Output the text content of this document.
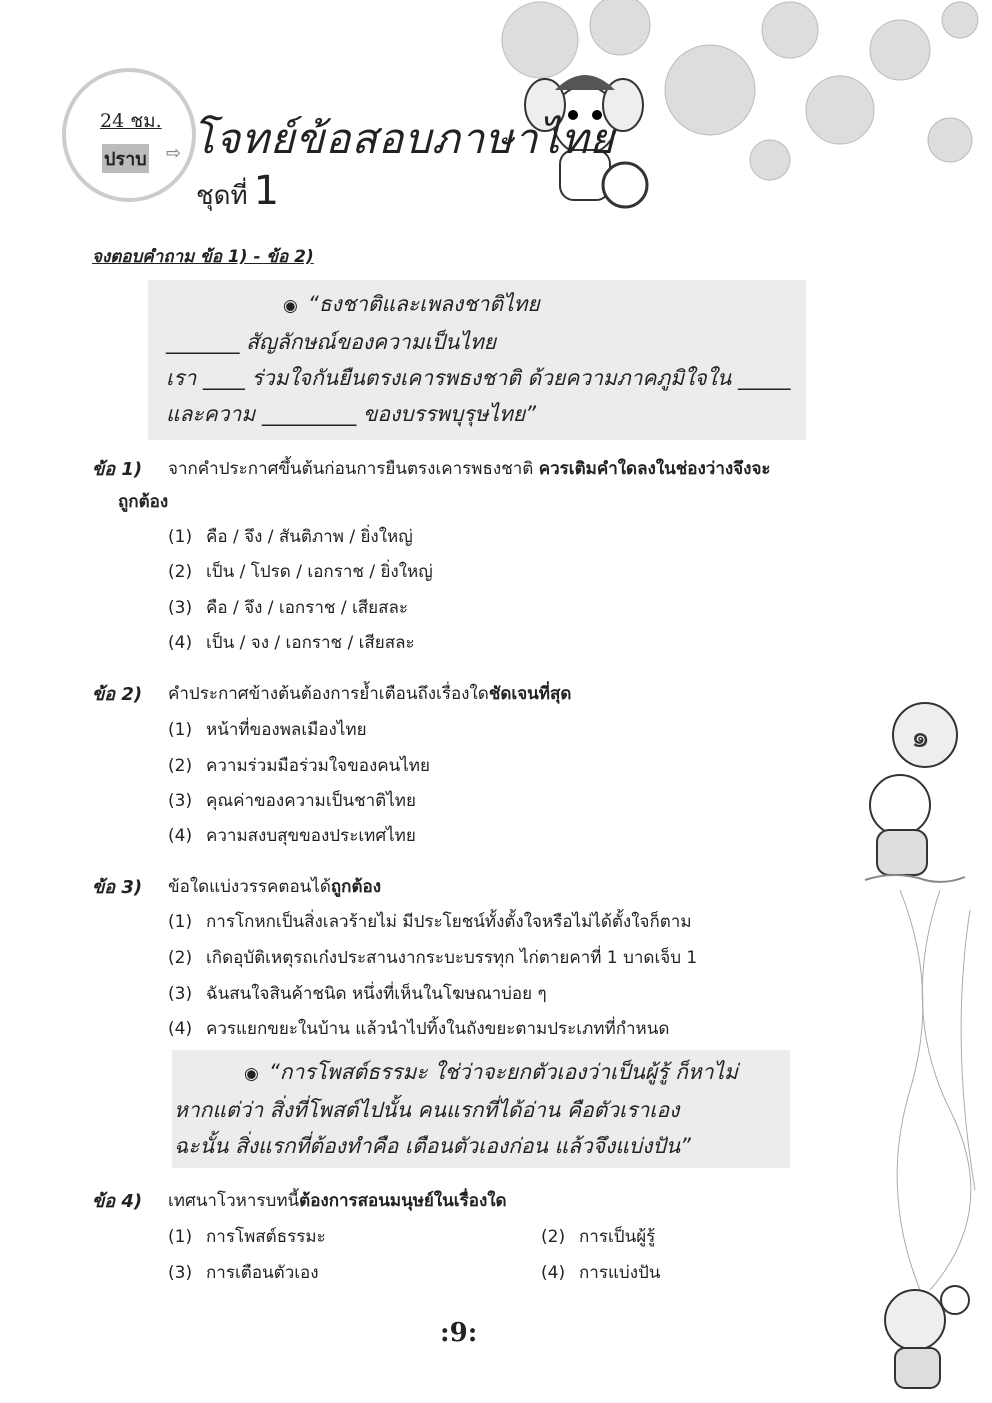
๑
24 ชม.
ปราบ ⇨ โจทย์ข้อสอบภาษาไทย
ชุดที่ 1
จงตอบคำถาม ข้อ 1) - ข้อ 2)
◉ “ธงชาติและเพลงชาติไทย
_______ สัญลักษณ์ของความเป็นไทย
เรา ____ ร่วมใจกันยืนตรงเคารพธงชาติ ด้วยความภาคภูมิใจใน _____
และความ _________ ของบรรพบุรุษไทย”
ข้อ 1) จากคำประกาศขึ้นต้นก่อนการยืนตรงเคารพธงชาติ ควรเติมคำใดลงในช่องว่างจึงจะ
ถูกต้อง
(1) คือ / จึง / สันติภาพ / ยิ่งใหญ่
(2) เป็น / โปรด / เอกราช / ยิ่งใหญ่
(3) คือ / จึง / เอกราช / เสียสละ
(4) เป็น / จง / เอกราช / เสียสละ
ข้อ 2) คำประกาศข้างต้นต้องการย้ำเตือนถึงเรื่องใดชัดเจนที่สุด
(1) หน้าที่ของพลเมืองไทย
(2) ความร่วมมือร่วมใจของคนไทย
(3) คุณค่าของความเป็นชาติไทย
(4) ความสงบสุขของประเทศไทย
ข้อ 3) ข้อใดแบ่งวรรคตอนได้ถูกต้อง
(1) การโกหกเป็นสิ่งเลวร้ายไม่ มีประโยชน์ทั้งตั้งใจหรือไม่ได้ตั้งใจก็ตาม
(2) เกิดอุบัติเหตุรถเก๋งประสานงากระบะบรรทุก ไก่ตายคาที่ 1 บาดเจ็บ 1
(3) ฉันสนใจสินค้าชนิด หนึ่งที่เห็นในโฆษณาบ่อย ๆ
(4) ควรแยกขยะในบ้าน แล้วนำไปทิ้งในถังขยะตามประเภทที่กำหนด
◉ “การโพสต์ธรรมะ ใช่ว่าจะยกตัวเองว่าเป็นผู้รู้ ก็หาไม่
หากแต่ว่า สิ่งที่โพสต์ไปนั้น คนแรกที่ได้อ่าน คือตัวเราเอง
ฉะนั้น สิ่งแรกที่ต้องทำคือ เตือนตัวเองก่อน แล้วจึงแบ่งปัน”
ข้อ 4) เทศนาโวหารบทนี้ต้องการสอนมนุษย์ในเรื่องใด
(1) การโพสต์ธรรมะ	(2) การเป็นผู้รู้
(3) การเตือนตัวเอง	(4) การแบ่งปัน
:9:
